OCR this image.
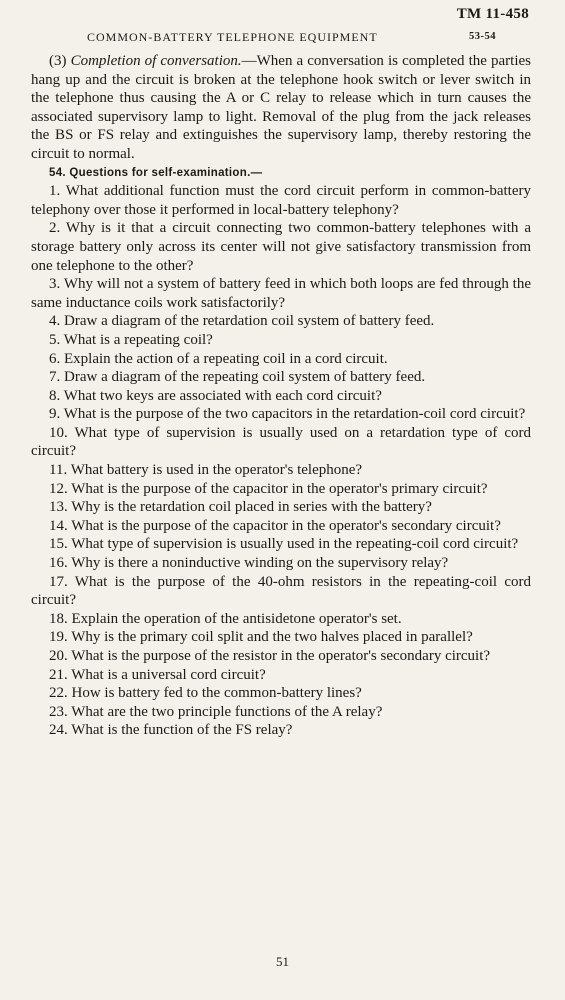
TM 11-458
COMMON-BATTERY TELEPHONE EQUIPMENT	53-54

(3) Completion of conversation.—When a conversation is completed the parties hang up and the circuit is broken at the telephone hook switch or lever switch in the telephone thus causing the A or C relay to release which in turn causes the associated supervisory lamp to light. Removal of the plug from the jack releases the BS or FS relay and extinguishes the supervisory lamp, thereby restoring the circuit to normal.

54. Questions for self-examination.—

1. What additional function must the cord circuit perform in common-battery telephony over those it performed in local-battery telephony?

2. Why is it that a circuit connecting two common-battery telephones with a storage battery only across its center will not give satisfactory transmission from one telephone to the other?

3. Why will not a system of battery feed in which both loops are fed through the same inductance coils work satisfactorily?

4. Draw a diagram of the retardation coil system of battery feed.

5. What is a repeating coil?

6. Explain the action of a repeating coil in a cord circuit.

7. Draw a diagram of the repeating coil system of battery feed.

8. What two keys are associated with each cord circuit?

9. What is the purpose of the two capacitors in the retardation-coil cord circuit?

10. What type of supervision is usually used on a retardation type of cord circuit?

11. What battery is used in the operator's telephone?

12. What is the purpose of the capacitor in the operator's primary circuit?

13. Why is the retardation coil placed in series with the battery?

14. What is the purpose of the capacitor in the operator's secondary circuit?

15. What type of supervision is usually used in the repeating-coil cord circuit?

16. Why is there a noninductive winding on the supervisory relay?

17. What is the purpose of the 40-ohm resistors in the repeating-coil cord circuit?

18. Explain the operation of the antisidetone operator's set.

19. Why is the primary coil split and the two halves placed in parallel?

20. What is the purpose of the resistor in the operator's secondary circuit?

21. What is a universal cord circuit?

22. How is battery fed to the common-battery lines?

23. What are the two principle functions of the A relay?

24. What is the function of the FS relay?

51
